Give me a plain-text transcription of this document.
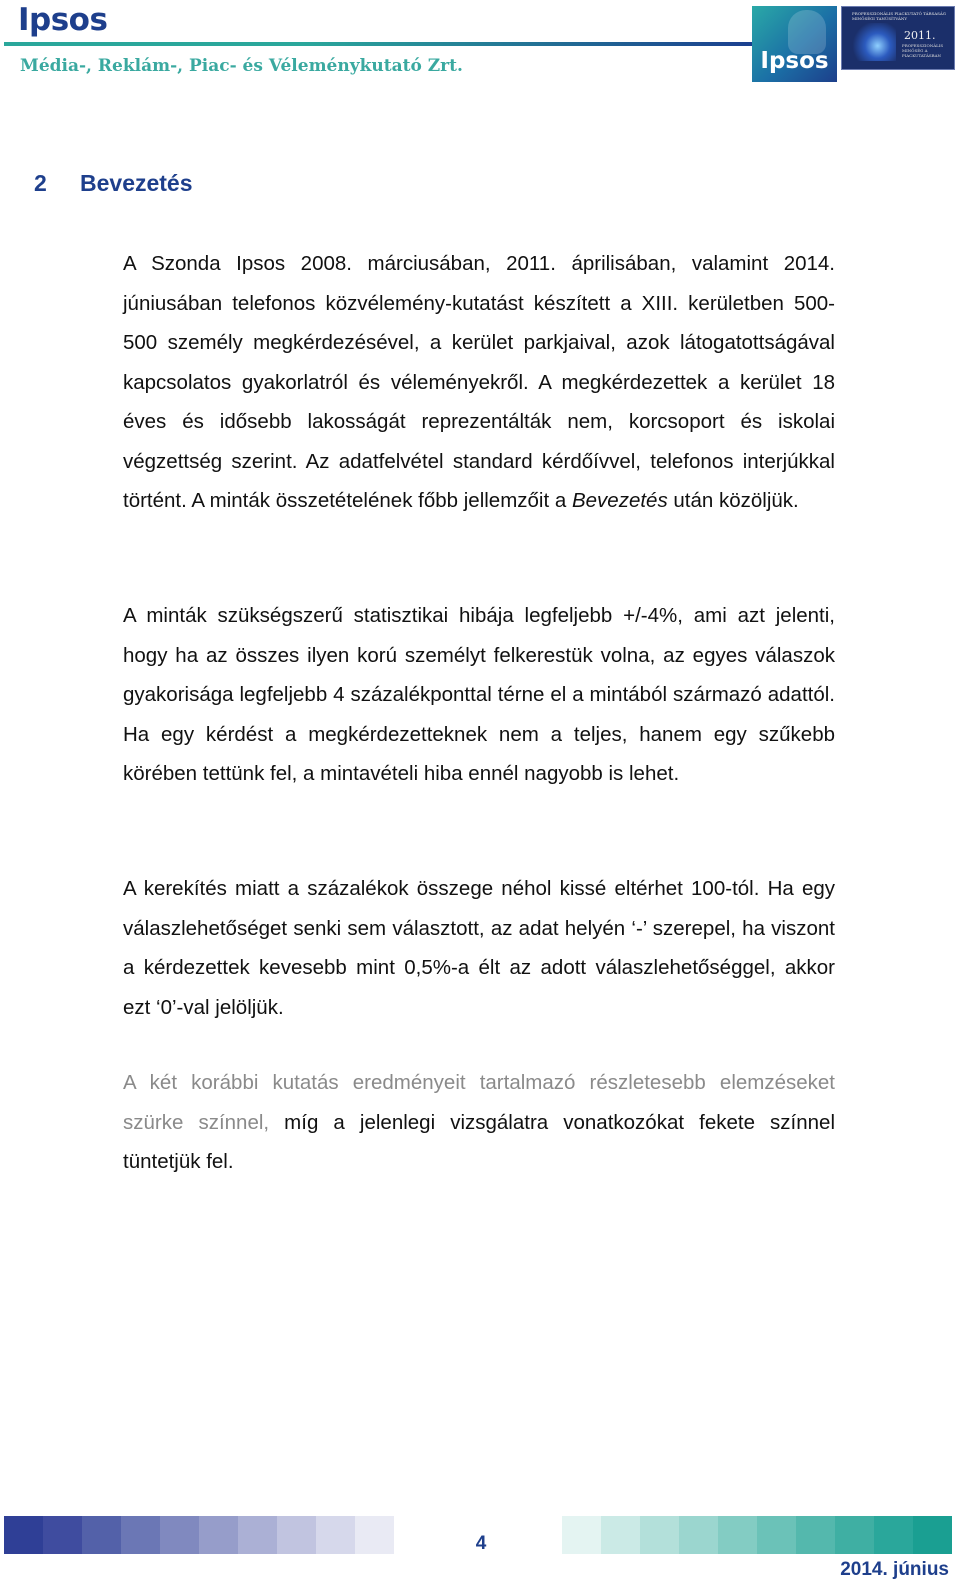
Ipsos
Média-, Reklám-, Piac- és Véleménykutató Zrt.	Ipsos
PROFESSZIONÁLIS PIACKUTATÓ TÁRSASÁG MINŐSÉGI TANÚSÍTVÁNY
2011.
PROFESSZIONÁLIS MINŐSÉG A PIACKUTATÁSBAN
2 Bevezetés

A Szonda Ipsos 2008. márciusában, 2011. áprilisában, valamint 2014. júniusában telefonos közvélemény-kutatást készített a XIII. kerületben 500-500 személy megkérdezésével, a kerület parkjaival, azok látogatottságával kapcsolatos gyakorlatról és véleményekről. A megkérdezettek a kerület 18 éves és idősebb lakosságát reprezentálták nem, korcsoport és iskolai végzettség szerint. Az adatfelvétel standard kérdőívvel, telefonos interjúkkal történt. A minták összetételének főbb jellemzőit a Bevezetés után közöljük.

A minták szükségszerű statisztikai hibája legfeljebb +/-4%, ami azt jelenti, hogy ha az összes ilyen korú személyt felkerestük volna, az egyes válaszok gyakorisága legfeljebb 4 százalékponttal térne el a mintából származó adattól. Ha egy kérdést a megkérdezetteknek nem a teljes, hanem egy szűkebb körében tettünk fel, a mintavételi hiba ennél nagyobb is lehet.

A kerekítés miatt a százalékok összege néhol kissé eltérhet 100-tól. Ha egy válaszlehetőséget senki sem választott, az adat helyén ‘-’ szerepel, ha viszont a kérdezettek kevesebb mint 0,5%-a élt az adott válaszlehetőséggel, akkor ezt ‘0’-val jelöljük.

A két korábbi kutatás eredményeit tartalmazó részletesebb elemzéseket szürke színnel, míg a jelenlegi vizsgálatra vonatkozókat fekete színnel tüntetjük fel.

4
2014. június
